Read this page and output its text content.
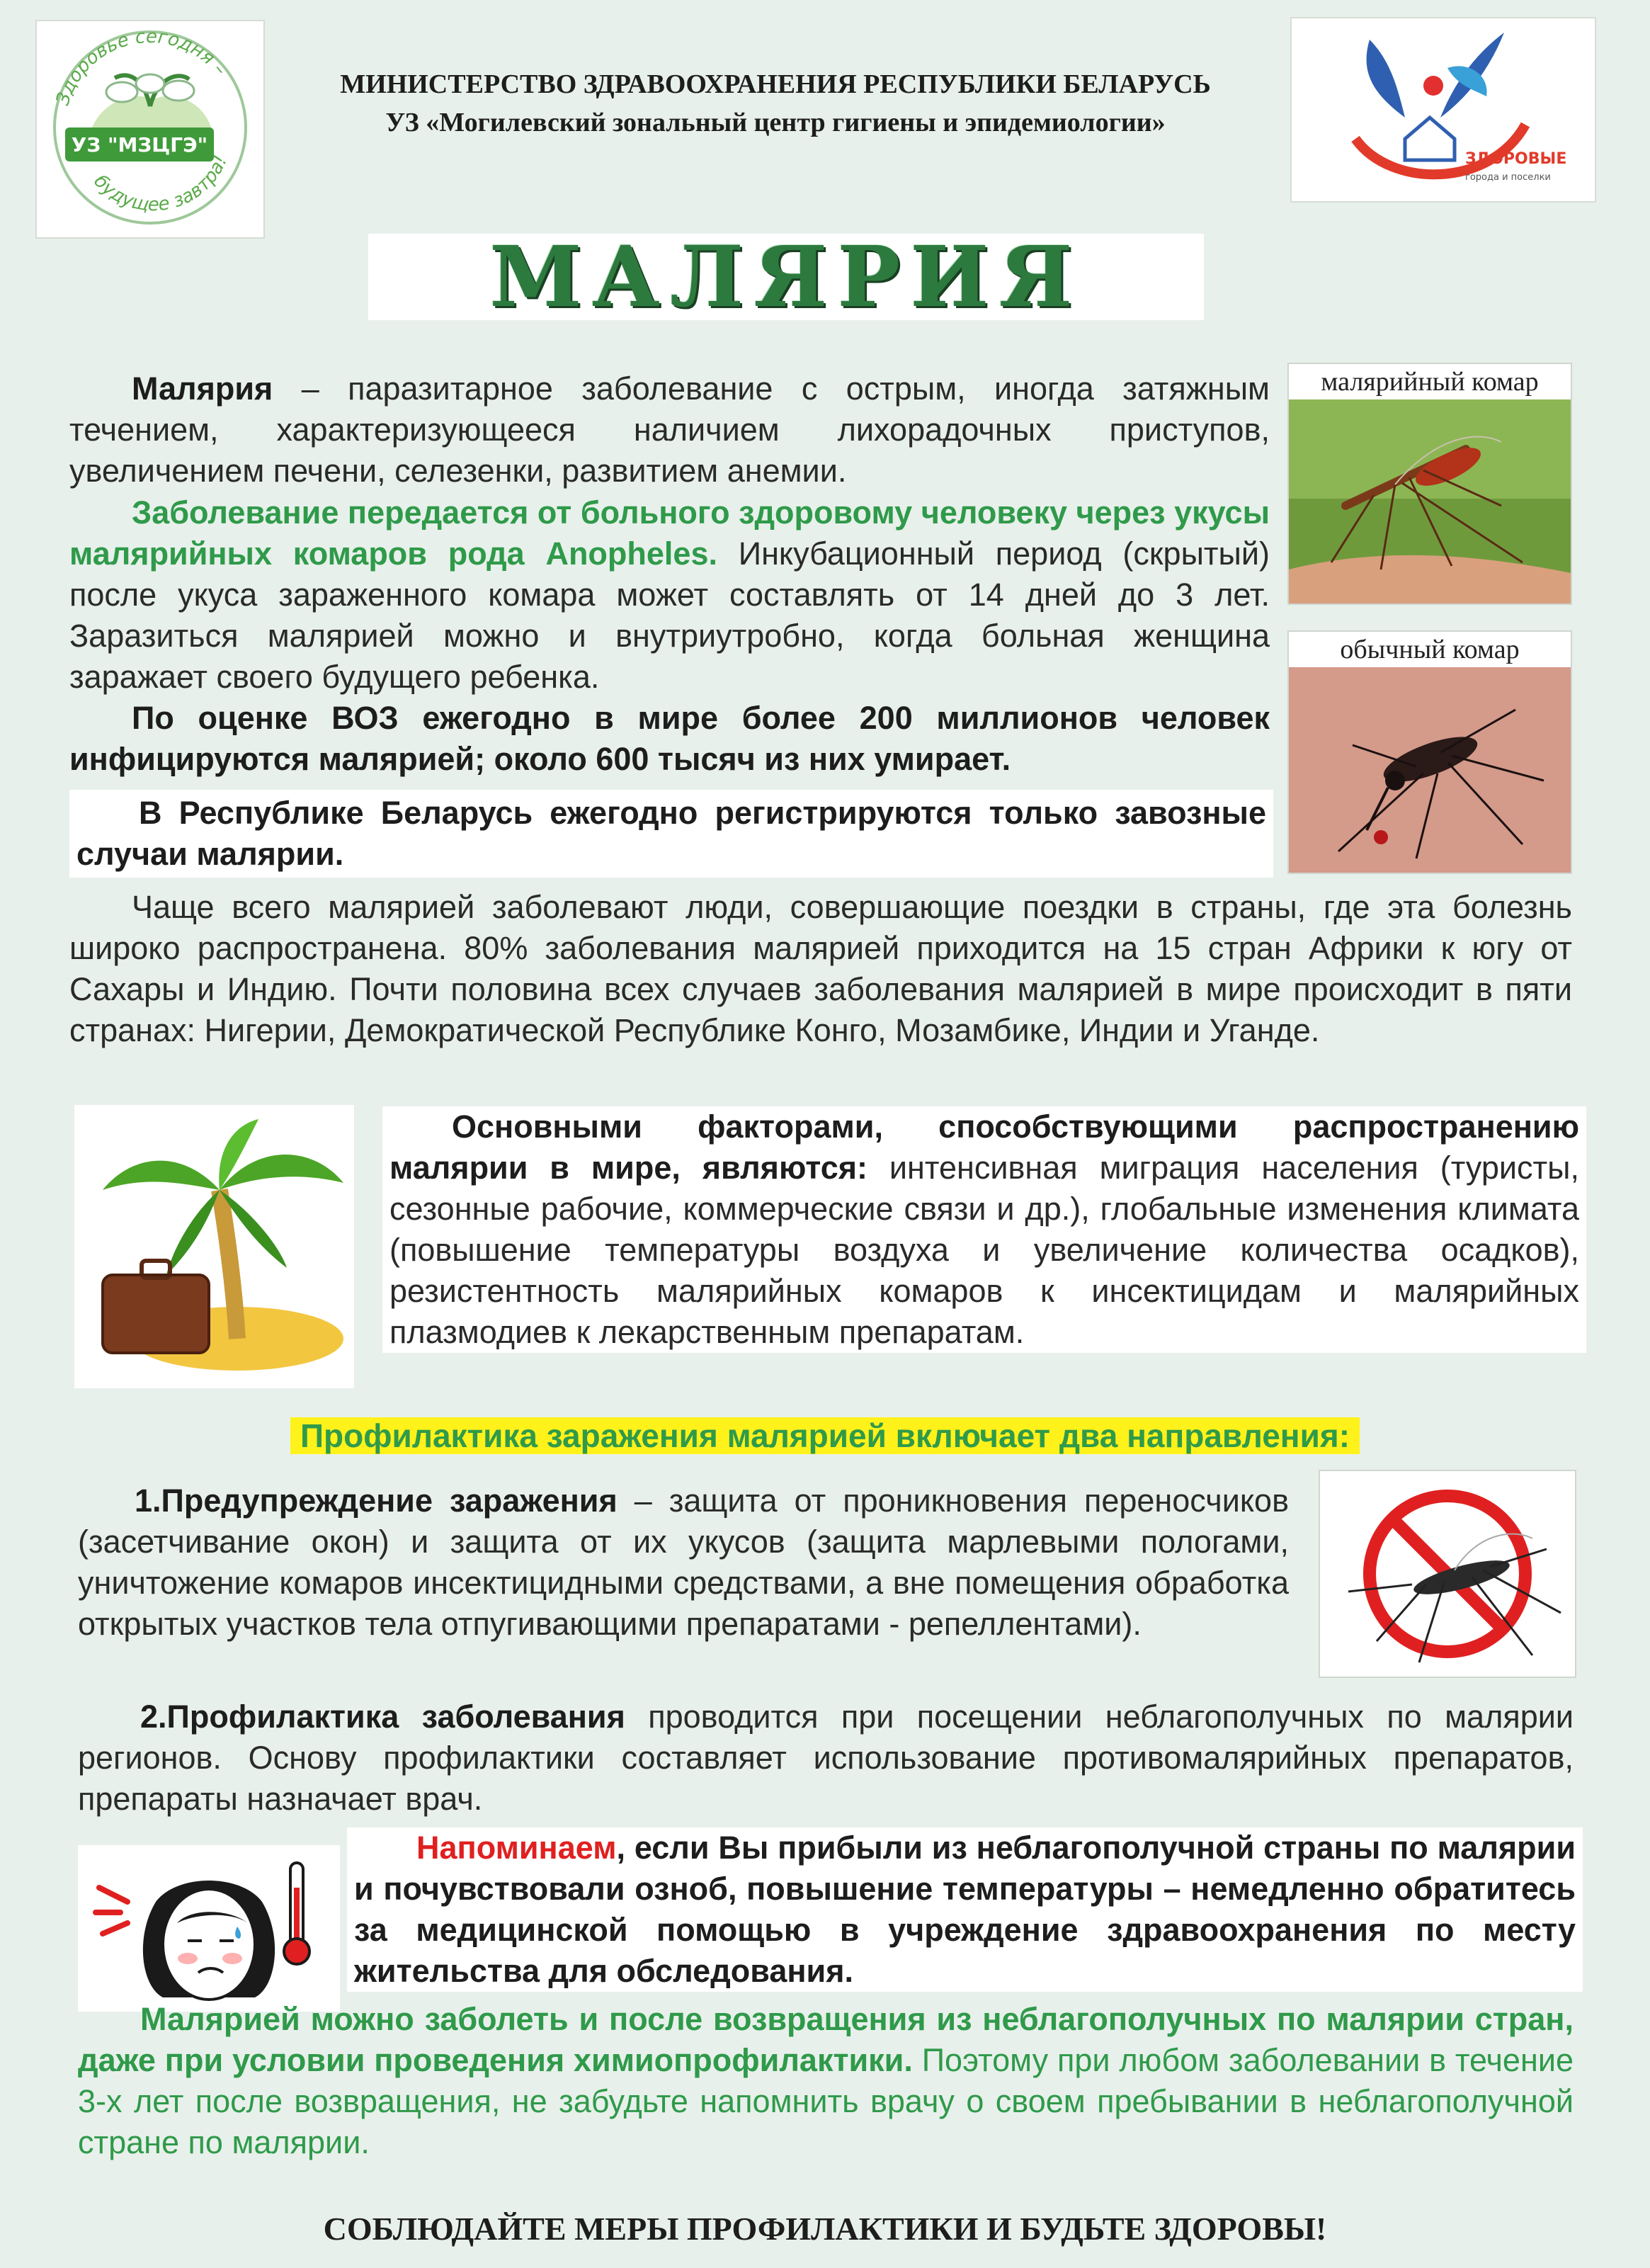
Здоровье сегодня –
УЗ "МЗЦГЭ"
будущее завтра!
МИНИСТЕРСТВО ЗДРАВООХРАНЕНИЯ РЕСПУБЛИКИ БЕЛАРУСЬ
УЗ «Могилевский зональный центр гигиены и эпидемиологии»
ЗДОРОВЫЕ
города и поселки
МАЛЯРИЯ
Малярия – паразитарное заболевание с острым, иногда затяжным течением, характеризующееся наличием лихорадочных приступов, увеличением печени, селезенки, развитием анемии.
Заболевание передается от больного здоровому человеку через укусы малярийных комаров рода Anopheles. Инкубационный период (скрытый) после укуса зараженного комара может составлять от 14 дней до 3 лет. Заразиться малярией можно и внутриутробно, когда больная женщина заражает своего будущего ребенка.
По оценке ВОЗ ежегодно в мире более 200 миллионов человек инфицируются малярией; около 600 тысяч из них умирает.
В Республике Беларусь ежегодно регистрируются только завозные случаи малярии.
малярийный комар
обычный комар
Чаще всего малярией заболевают люди, совершающие поездки в страны, где эта болезнь широко распространена. 80% заболевания малярией приходится на 15 стран Африки к югу от Сахары и Индию. Почти половина всех случаев заболевания малярией в мире происходит в пяти странах: Нигерии, Демократической Республике Конго, Мозамбике, Индии и Уганде.
Основными факторами, способствующими распространению малярии в мире, являются: интенсивная миграция населения (туристы, сезонные рабочие, коммерческие связи и др.), глобальные изменения климата (повышение температуры воздуха и увеличение количества осадков), резистентность малярийных комаров к инсектицидам и малярийных плазмодиев к лекарственным препаратам.
Профилактика заражения малярией включает два направления:
1.Предупреждение заражения – защита от проникновения переносчиков (засетчивание окон) и защита от их укусов (защита марлевыми пологами, уничтожение комаров инсектицидными средствами, а вне помещения обработка открытых участков тела отпугивающими препаратами - репеллентами).
2.Профилактика заболевания проводится при посещении неблагополучных по малярии регионов. Основу профилактики составляет использование противомалярийных препаратов, препараты назначает врач.
Напоминаем, если Вы прибыли из неблагополучной страны по малярии и почувствовали озноб, повышение температуры – немедленно обратитесь за медицинской помощью в учреждение здравоохранения по месту жительства для обследования.
Малярией можно заболеть и после возвращения из неблагополучных по малярии стран, даже при условии проведения химиопрофилактики. Поэтому при любом заболевании в течение 3-х лет после возвращения, не забудьте напомнить врачу о своем пребывании в неблагополучной стране по малярии.
СОБЛЮДАЙТЕ МЕРЫ ПРОФИЛАКТИКИ И БУДЬТЕ ЗДОРОВЫ!
